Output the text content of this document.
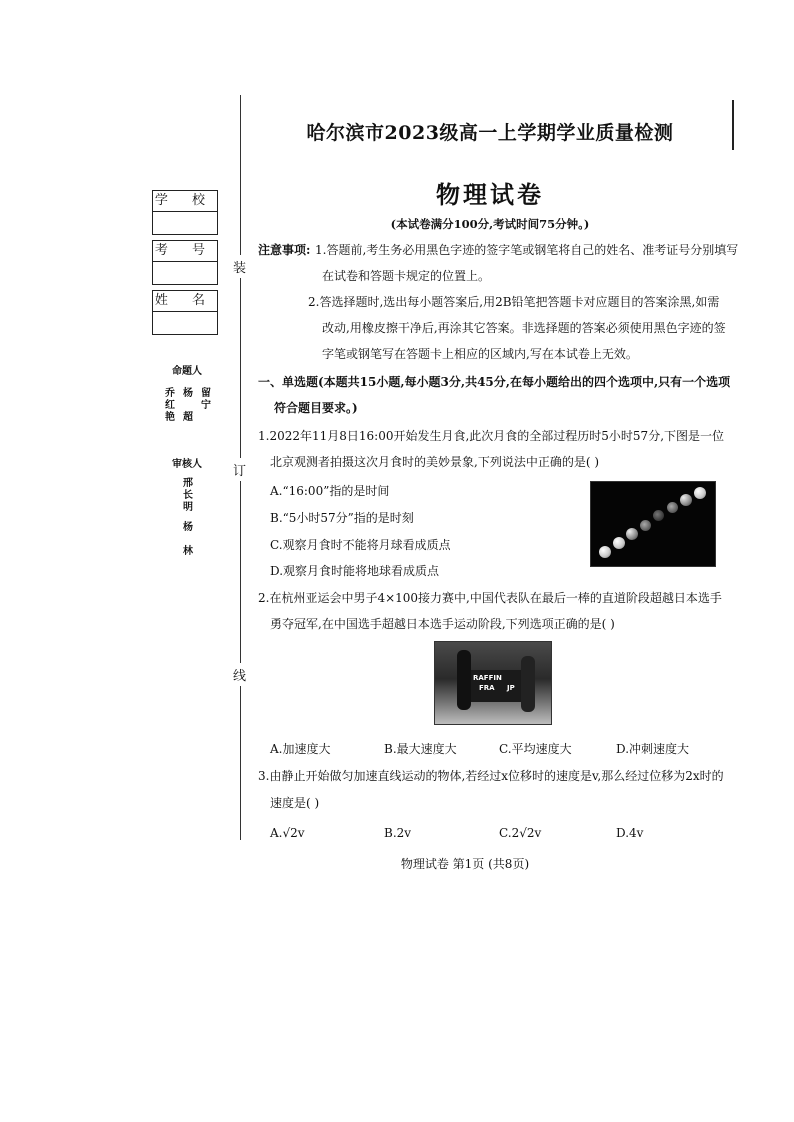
哈尔滨市2023级高一上学期学业质量检测
物理试卷
(本试卷满分100分,考试时间75分钟。)
装
订
线
学 校
考 号
姓 名
命题人
乔红艳
杨
超
留宁
审核人
邢长明
杨
林
注意事项: 1.答题前,考生务必用黑色字迹的签字笔或钢笔将自己的姓名、准考证号分别填写
在试卷和答题卡规定的位置上。
2.答选择题时,选出每小题答案后,用2B铅笔把答题卡对应题目的答案涂黑,如需
改动,用橡皮擦干净后,再涂其它答案。非选择题的答案必须使用黑色字迹的签
字笔或钢笔写在答题卡上相应的区域内,写在本试卷上无效。
一、单选题(本题共15小题,每小题3分,共45分,在每小题给出的四个选项中,只有一个选项
符合题目要求。)
1.2022年11月8日16:00开始发生月食,此次月食的全部过程历时5小时57分,下图是一位
北京观测者拍摄这次月食时的美妙景象,下列说法中正确的是( )
A.“16:00”指的是时间
B.“5小时57分”指的是时刻
C.观察月食时不能将月球看成质点
D.观察月食时能将地球看成质点
2.在杭州亚运会中男子4×100接力赛中,中国代表队在最后一棒的直道阶段超越日本选手
勇夺冠军,在中国选手超越日本选手运动阶段,下列选项正确的是( )
RAFFIN
FRA JP
A.加速度大	B.最大速度大	C.平均速度大	D.冲刺速度大
3.由静止开始做匀加速直线运动的物体,若经过x位移时的速度是v,那么经过位移为2x时的
速度是( )
A.√2v	B.2v	C.2√2v	D.4v
物理试卷 第1页 (共8页)
